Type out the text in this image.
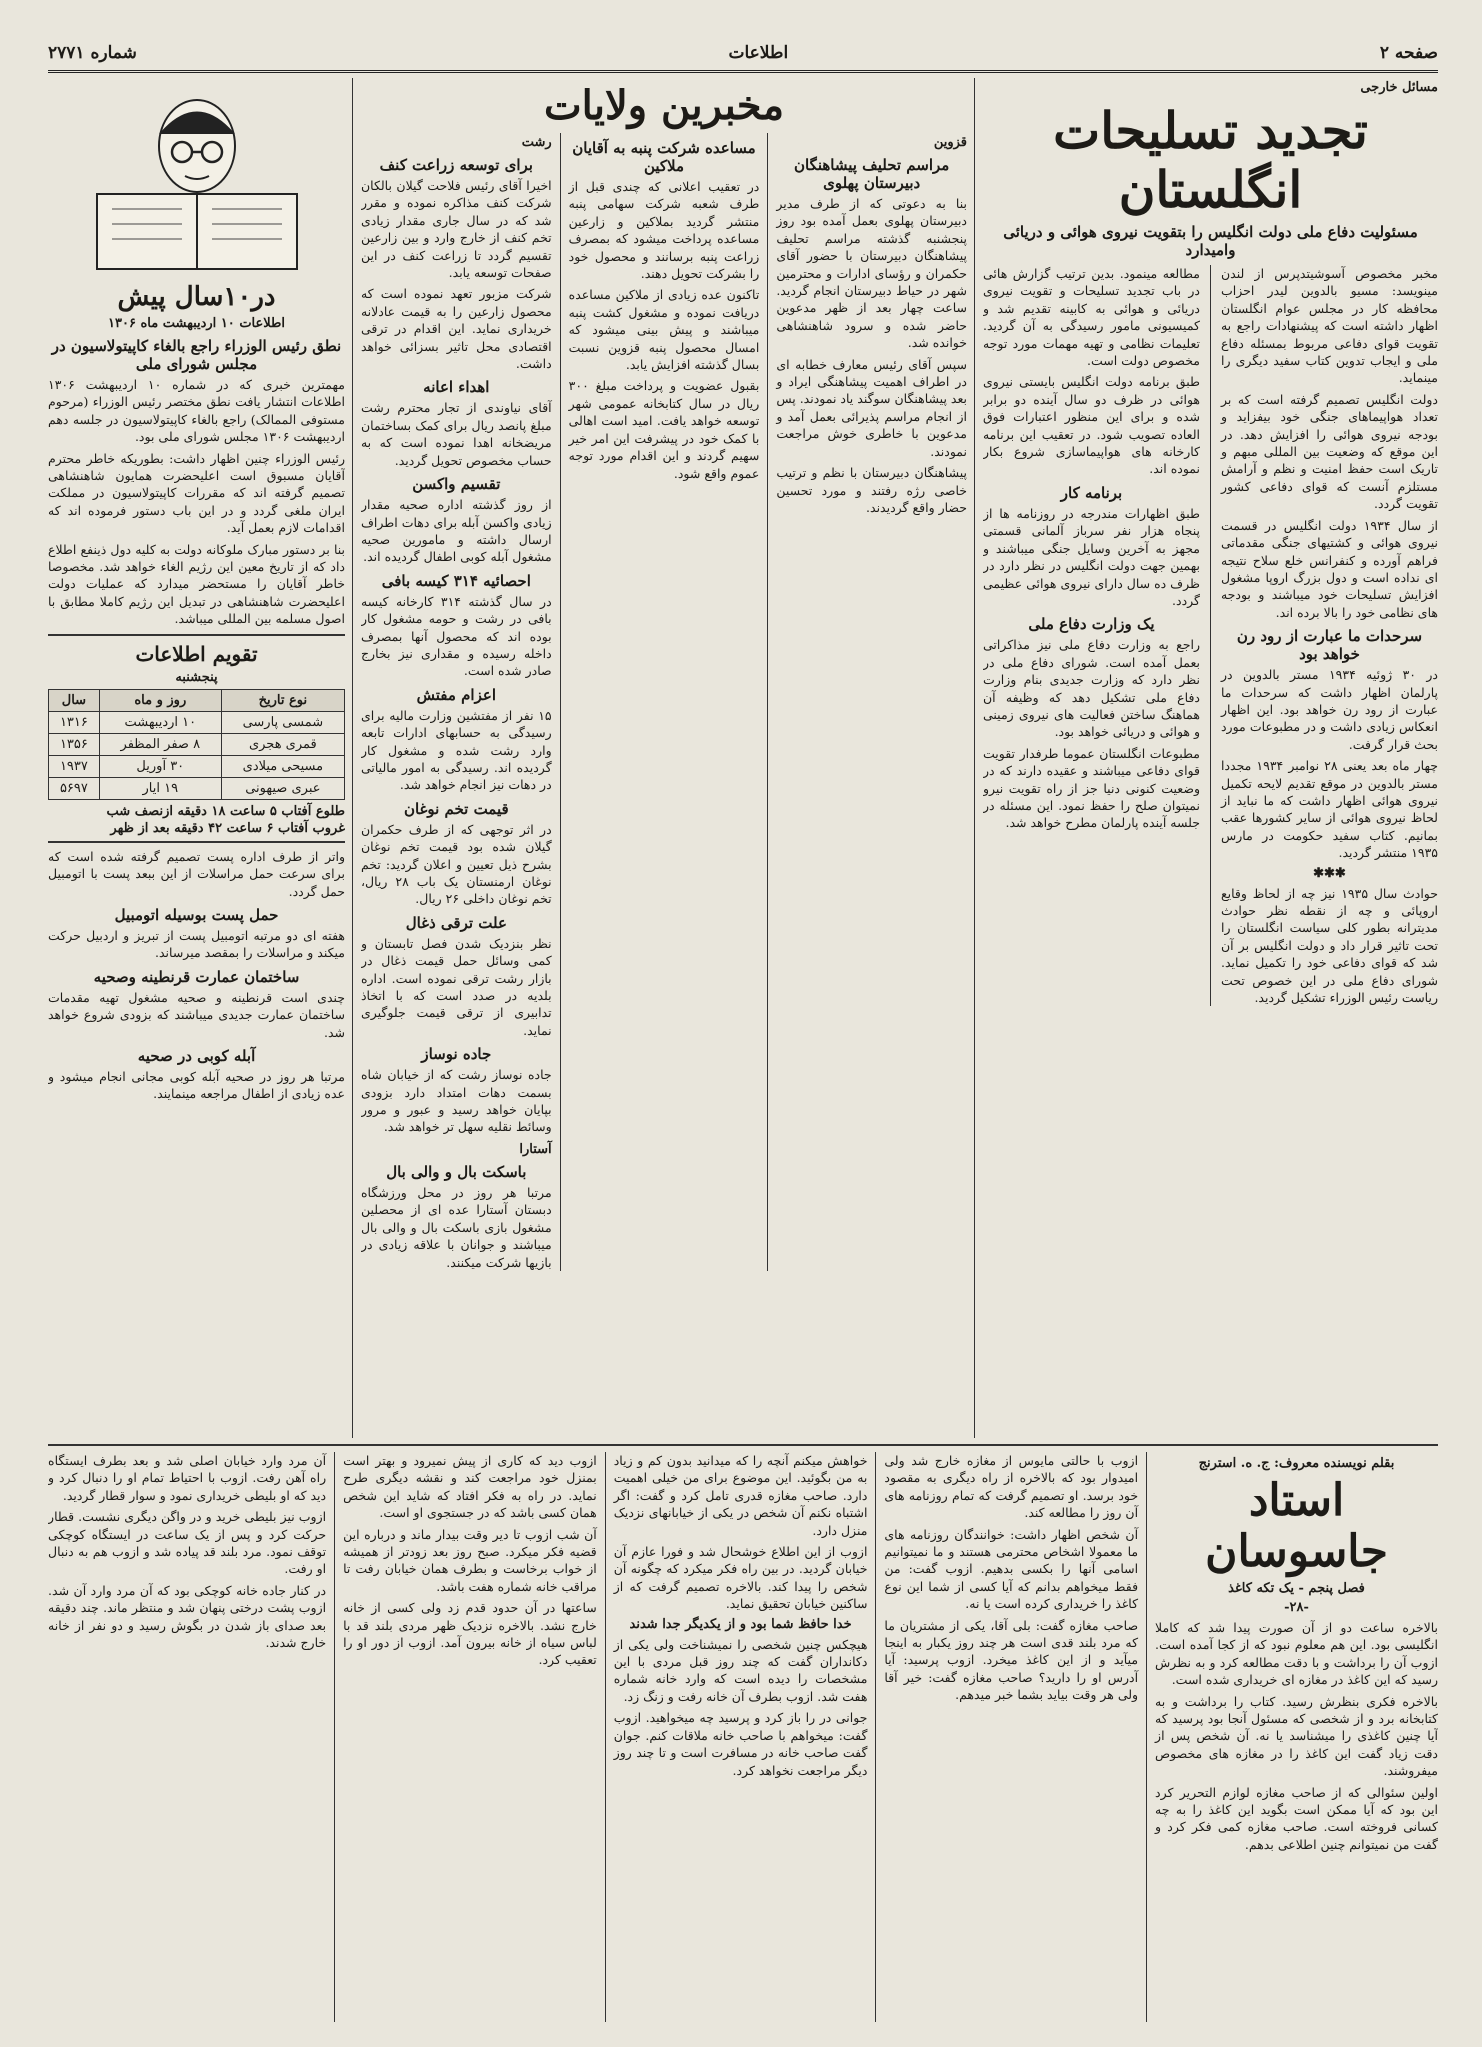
صفحه ۲
اطلاعات
شماره ۲۷۷۱
مسائل خارجی
تجدید تسلیحات انگلستان
مسئولیت دفاع ملی دولت انگلیس را بتقویت نیروی هوائی و دریائی وامیدارد

مخبر مخصوص آسوشیتدپرس از لندن مینویسد: مسیو بالدوین لیدر احزاب محافظه کار در مجلس عوام انگلستان اظهار داشته است که پیشنهادات راجع به تقویت قوای دفاعی مربوط بمسئله دفاع ملی و ایجاب تدوین کتاب سفید دیگری را مینماید.

دولت انگلیس تصمیم گرفته است که بر تعداد هواپیماهای جنگی خود بیفزاید و بودجه نیروی هوائی را افزایش دهد. در این موقع که وضعیت بین المللی مبهم و تاریک است حفظ امنیت و نظم و آرامش مستلزم آنست که قوای دفاعی کشور تقویت گردد.

از سال ۱۹۳۴ دولت انگلیس در قسمت نیروی هوائی و کشتیهای جنگی مقدماتی فراهم آورده و کنفرانس خلع سلاح نتیجه ای نداده است و دول بزرگ اروپا مشغول افزایش تسلیحات خود میباشند و بودجه های نظامی خود را بالا برده اند.

سرحدات ما عبارت از رود رن خواهد بود

در ۳۰ ژوئیه ۱۹۳۴ مستر بالدوین در پارلمان اظهار داشت که سرحدات ما عبارت از رود رن خواهد بود. این اظهار انعکاس زیادی داشت و در مطبوعات مورد بحث قرار گرفت.

چهار ماه بعد یعنی ۲۸ نوامبر ۱۹۳۴ مجددا مستر بالدوین در موقع تقدیم لایحه تکمیل نیروی هوائی اظهار داشت که ما نباید از لحاظ نیروی هوائی از سایر کشورها عقب بمانیم. کتاب سفید حکومت در مارس ۱۹۳۵ منتشر گردید.

✱✱✱

حوادث سال ۱۹۳۵ نیز چه از لحاظ وقایع اروپائی و چه از نقطه نظر حوادث مدیترانه بطور کلی سیاست انگلستان را تحت تاثیر قرار داد و دولت انگلیس بر آن شد که قوای دفاعی خود را تکمیل نماید. شورای دفاع ملی در این خصوص تحت ریاست رئیس الوزراء تشکیل گردید.

مطالعه مینمود. بدین ترتیب گزارش هائی در باب تجدید تسلیحات و تقویت نیروی دریائی و هوائی به کابینه تقدیم شد و کمیسیونی مامور رسیدگی به آن گردید. تعلیمات نظامی و تهیه مهمات مورد توجه مخصوص دولت است.

طبق برنامه دولت انگلیس بایستی نیروی هوائی در ظرف دو سال آینده دو برابر شده و برای این منظور اعتبارات فوق العاده تصویب شود. در تعقیب این برنامه کارخانه های هواپیماسازی شروع بکار نموده اند.

برنامه کار

طبق اظهارات مندرجه در روزنامه ها از پنجاه هزار نفر سرباز آلمانی قسمتی مجهز به آخرین وسایل جنگی میباشند و بهمین جهت دولت انگلیس در نظر دارد در ظرف ده سال دارای نیروی هوائی عظیمی گردد.

یک وزارت دفاع ملی

راجع به وزارت دفاع ملی نیز مذاکراتی بعمل آمده است. شورای دفاع ملی در نظر دارد که وزارت جدیدی بنام وزارت دفاع ملی تشکیل دهد که وظیفه آن هماهنگ ساختن فعالیت های نیروی زمینی و هوائی و دریائی خواهد بود.

مطبوعات انگلستان عموما طرفدار تقویت قوای دفاعی میباشند و عقیده دارند که در وضعیت کنونی دنیا جز از راه تقویت نیرو نمیتوان صلح را حفظ نمود. این مسئله در جلسه آینده پارلمان مطرح خواهد شد.

مخبرین ولایات
قزوین
مراسم تحلیف پیشاهنگان دبیرستان پهلوی

بنا به دعوتی که از طرف مدیر دبیرستان پهلوی بعمل آمده بود روز پنجشنبه گذشته مراسم تحلیف پیشاهنگان دبیرستان با حضور آقای حکمران و رؤسای ادارات و محترمین شهر در حیاط دبیرستان انجام گردید. ساعت چهار بعد از ظهر مدعوین حاضر شده و سرود شاهنشاهی خوانده شد.

سپس آقای رئیس معارف خطابه ای در اطراف اهمیت پیشاهنگی ایراد و بعد پیشاهنگان سوگند یاد نمودند. پس از انجام مراسم پذیرائی بعمل آمد و مدعوین با خاطری خوش مراجعت نمودند.

پیشاهنگان دبیرستان با نظم و ترتیب خاصی رژه رفتند و مورد تحسین حضار واقع گردیدند.

مساعده شرکت پنبه به آقایان ملاکین

در تعقیب اعلانی که چندی قبل از طرف شعبه شرکت سهامی پنبه منتشر گردید بملاکین و زارعین مساعده پرداخت میشود که بمصرف زراعت پنبه برسانند و محصول خود را بشرکت تحویل دهند.

تاکنون عده زیادی از ملاکین مساعده دریافت نموده و مشغول کشت پنبه میباشند و پیش بینی میشود که امسال محصول پنبه قزوین نسبت بسال گذشته افزایش یابد.

بقبول عضویت و پرداخت مبلغ ۳۰۰ ریال در سال کتابخانه عمومی شهر توسعه خواهد یافت. امید است اهالی با کمک خود در پیشرفت این امر خیر سهیم گردند و این اقدام مورد توجه عموم واقع شود.

رشت
برای توسعه زراعت کنف

اخیرا آقای رئیس فلاحت گیلان بالکان شرکت کنف مذاکره نموده و مقرر شد که در سال جاری مقدار زیادی تخم کنف از خارج وارد و بین زارعین تقسیم گردد تا زراعت کنف در این صفحات توسعه یابد.

شرکت مزبور تعهد نموده است که محصول زارعین را به قیمت عادلانه خریداری نماید. این اقدام در ترقی اقتصادی محل تاثیر بسزائی خواهد داشت.

اهداء اعانه

آقای نیاوندی از تجار محترم رشت مبلغ پانصد ریال برای کمک بساختمان مریضخانه اهدا نموده است که به حساب مخصوص تحویل گردید.

تقسیم واکسن

از روز گذشته اداره صحیه مقدار زیادی واکسن آبله برای دهات اطراف ارسال داشته و مامورین صحیه مشغول آبله کوبی اطفال گردیده اند.

احصائیه ۳۱۴ کیسه بافی

در سال گذشته ۳۱۴ کارخانه کیسه بافی در رشت و حومه مشغول کار بوده اند که محصول آنها بمصرف داخله رسیده و مقداری نیز بخارج صادر شده است.

اعزام مفتش

۱۵ نفر از مفتشین وزارت مالیه برای رسیدگی به حسابهای ادارات تابعه وارد رشت شده و مشغول کار گردیده اند. رسیدگی به امور مالیاتی در دهات نیز انجام خواهد شد.

قیمت تخم نوغان

در اثر توجهی که از طرف حکمران گیلان شده بود قیمت تخم نوغان بشرح ذیل تعیین و اعلان گردید: تخم نوغان ارمنستان یک باب ۲۸ ریال، تخم نوغان داخلی ۲۶ ریال.

علت ترقی ذغال

نظر بنزدیک شدن فصل تابستان و کمی وسائل حمل قیمت ذغال در بازار رشت ترقی نموده است. اداره بلدیه در صدد است که با اتخاذ تدابیری از ترقی قیمت جلوگیری نماید.

جاده نوساز

جاده نوساز رشت که از خیابان شاه بسمت دهات امتداد دارد بزودی بپایان خواهد رسید و عبور و مرور وسائط نقلیه سهل تر خواهد شد.

آستارا
باسکت بال و والی بال

مرتبا هر روز در محل ورزشگاه دبستان آستارا عده ای از محصلین مشغول بازی باسکت بال و والی بال میباشند و جوانان با علاقه زیادی در بازیها شرکت میکنند.

در۱۰سال پیش
اطلاعات ۱۰ اردیبهشت ماه ۱۳۰۶
نطق رئیس الوزراء راجع بالغاء کاپیتولاسیون در مجلس شورای ملی

مهمترین خبری که در شماره ۱۰ اردیبهشت ۱۳۰۶ اطلاعات انتشار یافت نطق مختصر رئیس الوزراء (مرحوم مستوفی الممالک) راجع بالغاء کاپیتولاسیون در جلسه دهم اردیبهشت ۱۳۰۶ مجلس شورای ملی بود.

رئیس الوزراء چنین اظهار داشت: بطوریکه خاطر محترم آقایان مسبوق است اعلیحضرت همایون شاهنشاهی تصمیم گرفته اند که مقررات کاپیتولاسیون در مملکت ایران ملغی گردد و در این باب دستور فرموده اند که اقدامات لازم بعمل آید.

بنا بر دستور مبارک ملوکانه دولت به کلیه دول ذینفع اطلاع داد که از تاریخ معین این رژیم الغاء خواهد شد. مخصوصا خاطر آقایان را مستحضر میدارد که عملیات دولت اعلیحضرت شاهنشاهی در تبدیل این رژیم کاملا مطابق با اصول مسلمه بین المللی میباشد.

تقویم اطلاعات
پنجشنبه
نوع تاریخ	روز و ماه	سال
شمسی پارسی	۱۰ اردیبهشت	۱۳۱۶
قمری هجری	۸ صفر المظفر	۱۳۵۶
مسیحی میلادی	۳۰ آوریل	۱۹۳۷
عبری صیهونی	۱۹ ایار	۵۶۹۷
طلوع آفتاب ۵ ساعت ۱۸ دقیقه ازنصف شب
غروب آفتاب ۶ ساعت ۴۲ دقیقه بعد از ظهر

واتر از طرف اداره پست تصمیم گرفته شده است که برای سرعت حمل مراسلات از این ببعد پست با اتومبیل حمل گردد.

حمل پست بوسیله اتومبیل

هفته ای دو مرتبه اتومبیل پست از تبریز و اردبیل حرکت میکند و مراسلات را بمقصد میرساند.

ساختمان عمارت قرنطینه وصحیه

چندی است قرنطینه و صحیه مشغول تهیه مقدمات ساختمان عمارت جدیدی میباشند که بزودی شروع خواهد شد.

آبله کوبی در صحیه

مرتبا هر روز در صحیه آبله کوبی مجانی انجام میشود و عده زیادی از اطفال مراجعه مینمایند.

بقلم نویسنده معروف: ج. ه. استرنج
استاد جاسوسان
فصل پنجم - یک تکه کاغذ
-۲۸-

بالاخره ساعت دو از آن صورت پیدا شد که کاملا انگلیسی بود. این هم معلوم نبود که از کجا آمده است. ازوب آن را برداشت و با دقت مطالعه کرد و به نظرش رسید که این کاغذ در مغازه ای خریداری شده است.

بالاخره فکری بنظرش رسید. کتاب را برداشت و به کتابخانه برد و از شخصی که مسئول آنجا بود پرسید که آیا چنین کاغذی را میشناسد یا نه. آن شخص پس از دقت زیاد گفت این کاغذ را در مغازه های مخصوص میفروشند.

اولین سئوالی که از صاحب مغازه لوازم التحریر کرد این بود که آیا ممکن است بگوید این کاغذ را به چه کسانی فروخته است. صاحب مغازه کمی فکر کرد و گفت من نمیتوانم چنین اطلاعی بدهم.

ازوب با حالتی مایوس از مغازه خارج شد ولی امیدوار بود که بالاخره از راه دیگری به مقصود خود برسد. او تصمیم گرفت که تمام روزنامه های آن روز را مطالعه کند.

آن شخص اظهار داشت: خوانندگان روزنامه های ما معمولا اشخاص محترمی هستند و ما نمیتوانیم اسامی آنها را بکسی بدهیم. ازوب گفت: من فقط میخواهم بدانم که آیا کسی از شما این نوع کاغذ را خریداری کرده است یا نه.

صاحب مغازه گفت: بلی آقا، یکی از مشتریان ما که مرد بلند قدی است هر چند روز یکبار به اینجا میآید و از این کاغذ میخرد. ازوب پرسید: آیا آدرس او را دارید؟ صاحب مغازه گفت: خیر آقا ولی هر وقت بیاید بشما خبر میدهم.

خواهش میکنم آنچه را که میدانید بدون کم و زیاد به من بگوئید. این موضوع برای من خیلی اهمیت دارد. صاحب مغازه قدری تامل کرد و گفت: اگر اشتباه نکنم آن شخص در یکی از خیابانهای نزدیک منزل دارد.

ازوب از این اطلاع خوشحال شد و فورا عازم آن خیابان گردید. در بین راه فکر میکرد که چگونه آن شخص را پیدا کند. بالاخره تصمیم گرفت که از ساکنین خیابان تحقیق نماید.

خدا حافظ شما بود و از یکدیگر جدا شدند

هیچکس چنین شخصی را نمیشناخت ولی یکی از دکانداران گفت که چند روز قبل مردی با این مشخصات را دیده است که وارد خانه شماره هفت شد. ازوب بطرف آن خانه رفت و زنگ زد.

جوانی در را باز کرد و پرسید چه میخواهید. ازوب گفت: میخواهم با صاحب خانه ملاقات کنم. جوان گفت صاحب خانه در مسافرت است و تا چند روز دیگر مراجعت نخواهد کرد.

ازوب دید که کاری از پیش نمیرود و بهتر است بمنزل خود مراجعت کند و نقشه دیگری طرح نماید. در راه به فکر افتاد که شاید این شخص همان کسی باشد که در جستجوی او است.

آن شب ازوب تا دیر وقت بیدار ماند و درباره این قضیه فکر میکرد. صبح روز بعد زودتر از همیشه از خواب برخاست و بطرف همان خیابان رفت تا مراقب خانه شماره هفت باشد.

ساعتها در آن حدود قدم زد ولی کسی از خانه خارج نشد. بالاخره نزدیک ظهر مردی بلند قد با لباس سیاه از خانه بیرون آمد. ازوب از دور او را تعقیب کرد.

آن مرد وارد خیابان اصلی شد و بعد بطرف ایستگاه راه آهن رفت. ازوب با احتیاط تمام او را دنبال کرد و دید که او بلیطی خریداری نمود و سوار قطار گردید.

ازوب نیز بلیطی خرید و در واگن دیگری نشست. قطار حرکت کرد و پس از یک ساعت در ایستگاه کوچکی توقف نمود. مرد بلند قد پیاده شد و ازوب هم به دنبال او رفت.

در کنار جاده خانه کوچکی بود که آن مرد وارد آن شد. ازوب پشت درختی پنهان شد و منتظر ماند. چند دقیقه بعد صدای باز شدن در بگوش رسید و دو نفر از خانه خارج شدند.
